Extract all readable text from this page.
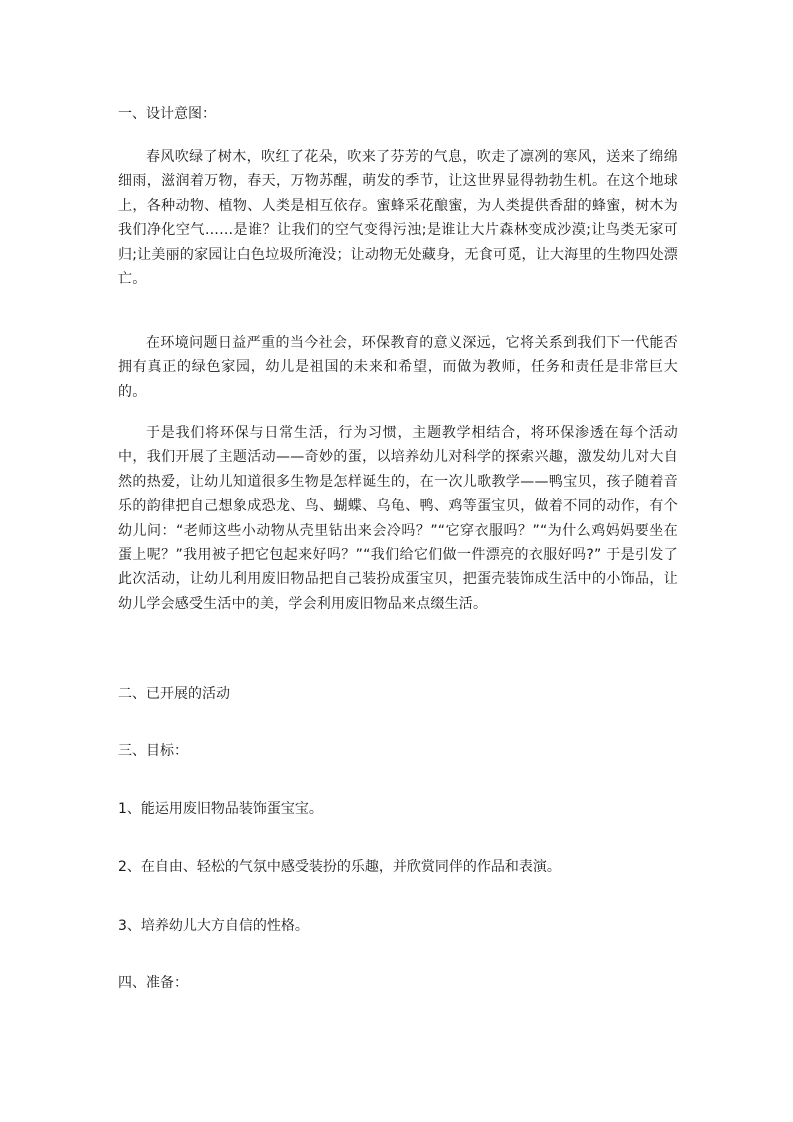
一、设计意图：

春风吹绿了树木，吹红了花朵，吹来了芬芳的气息，吹走了凛冽的寒风，送来了绵绵细雨，滋润着万物，春天，万物苏醒，萌发的季节，让这世界显得勃勃生机。在这个地球上，各种动物、植物、人类是相互依存。蜜蜂采花酿蜜，为人类提供香甜的蜂蜜，树木为我们净化空气……是谁？让我们的空气变得污浊;是谁让大片森林变成沙漠;让鸟类无家可归;让美丽的家园让白色垃圾所淹没；让动物无处藏身，无食可觅，让大海里的生物四处漂亡。

在环境问题日益严重的当今社会，环保教育的意义深远，它将关系到我们下一代能否拥有真正的绿色家园，幼儿是祖国的未来和希望，而做为教师，任务和责任是非常巨大的。

于是我们将环保与日常生活，行为习惯，主题教学相结合，将环保渗透在每个活动中，我们开展了主题活动——奇妙的蛋，以培养幼儿对科学的探索兴趣，激发幼儿对大自然的热爱，让幼儿知道很多生物是怎样诞生的，在一次儿歌教学——鸭宝贝，孩子随着音乐的韵律把自己想象成恐龙、鸟、蝴蝶、乌龟、鸭、鸡等蛋宝贝，做着不同的动作，有个幼儿问：“老师这些小动物从壳里钻出来会冷吗？”“它穿衣服吗？”“为什么鸡妈妈要坐在蛋上呢？”我用被子把它包起来好吗？”“我们给它们做一件漂亮的衣服好吗?” 于是引发了此次活动，让幼儿利用废旧物品把自己装扮成蛋宝贝，把蛋壳装饰成生活中的小饰品，让幼儿学会感受生活中的美，学会利用废旧物品来点缀生活。

二、已开展的活动
三、目标：
1、能运用废旧物品装饰蛋宝宝。
2、在自由、轻松的气氛中感受装扮的乐趣，并欣赏同伴的作品和表演。
3、培养幼儿大方自信的性格。
四、准备：
